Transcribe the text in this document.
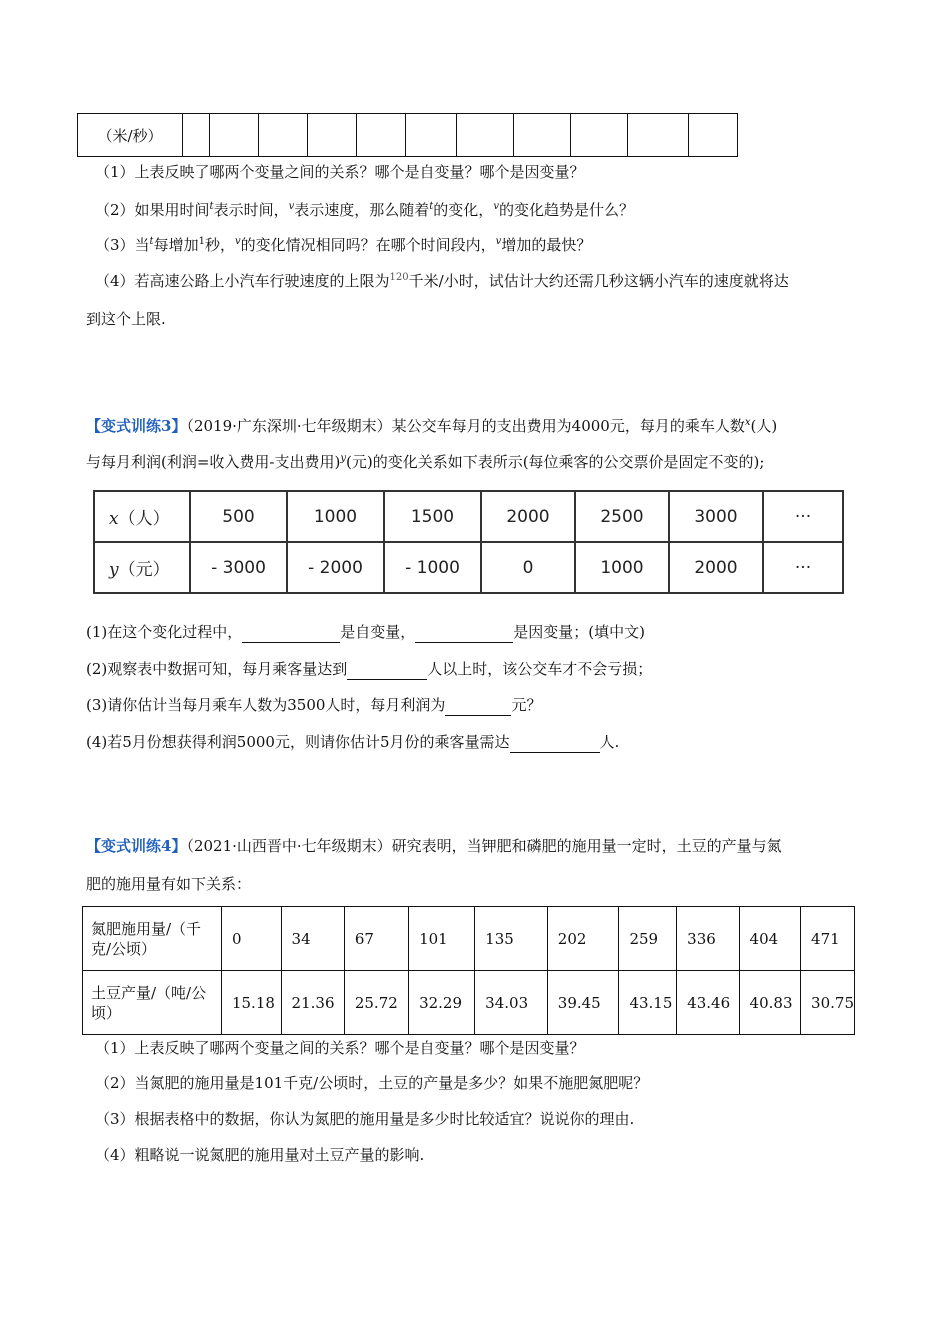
（米/秒）											
（1）上表反映了哪两个变量之间的关系？哪个是自变量？哪个是因变量？
（2）如果用时间$^t$表示时间，$^v$表示速度，那么随着$^t$的变化，$^v$的变化趋势是什么？
（3）当$^t$每增加$^1$秒，$^v$的变化情况相同吗？在哪个时间段内，$^v$增加的最快？
（4）若高速公路上小汽车行驶速度的上限为$^{120}$千米/小时，试估计大约还需几秒这辆小汽车的速度就将达
到这个上限.
【变式训练3】（2019·广东深圳·七年级期末）某公交车每月的支出费用为4000元，每月的乘车人数$^x$(人)
与每月利润(利润=收入费用-支出费用)$^y$(元)的变化关系如下表所示(每位乘客的公交票价是固定不变的);
x（人）	500	1000	1500	2000	2500	3000	···
y（元）	- 3000	- 2000	- 1000	0	1000	2000	···
(1)在这个变化过程中，	是自变量，	是因变量；(填中文)
(2)观察表中数据可知，每月乘客量达到	人以上时，该公交车才不会亏损；
(3)请你估计当每月乘车人数为3500人时，每月利润为	元？
(4)若5月份想获得利润5000元，则请你估计5月份的乘客量需达	人.
【变式训练4】（2021·山西晋中·七年级期末）研究表明，当钾肥和磷肥的施用量一定时，土豆的产量与氮
肥的施用量有如下关系：
氮肥施用量/（千克/公顷）	0	34	67	101	135	202	259	336	404	471
土豆产量/（吨/公顷）	15.18	21.36	25.72	32.29	34.03	39.45	43.15	43.46	40.83	30.75
（1）上表反映了哪两个变量之间的关系？哪个是自变量？哪个是因变量？
（2）当氮肥的施用量是101千克/公顷时，土豆的产量是多少？如果不施肥氮肥呢？
（3）根据表格中的数据，你认为氮肥的施用量是多少时比较适宜？说说你的理由.
（4）粗略说一说氮肥的施用量对土豆产量的影响.
